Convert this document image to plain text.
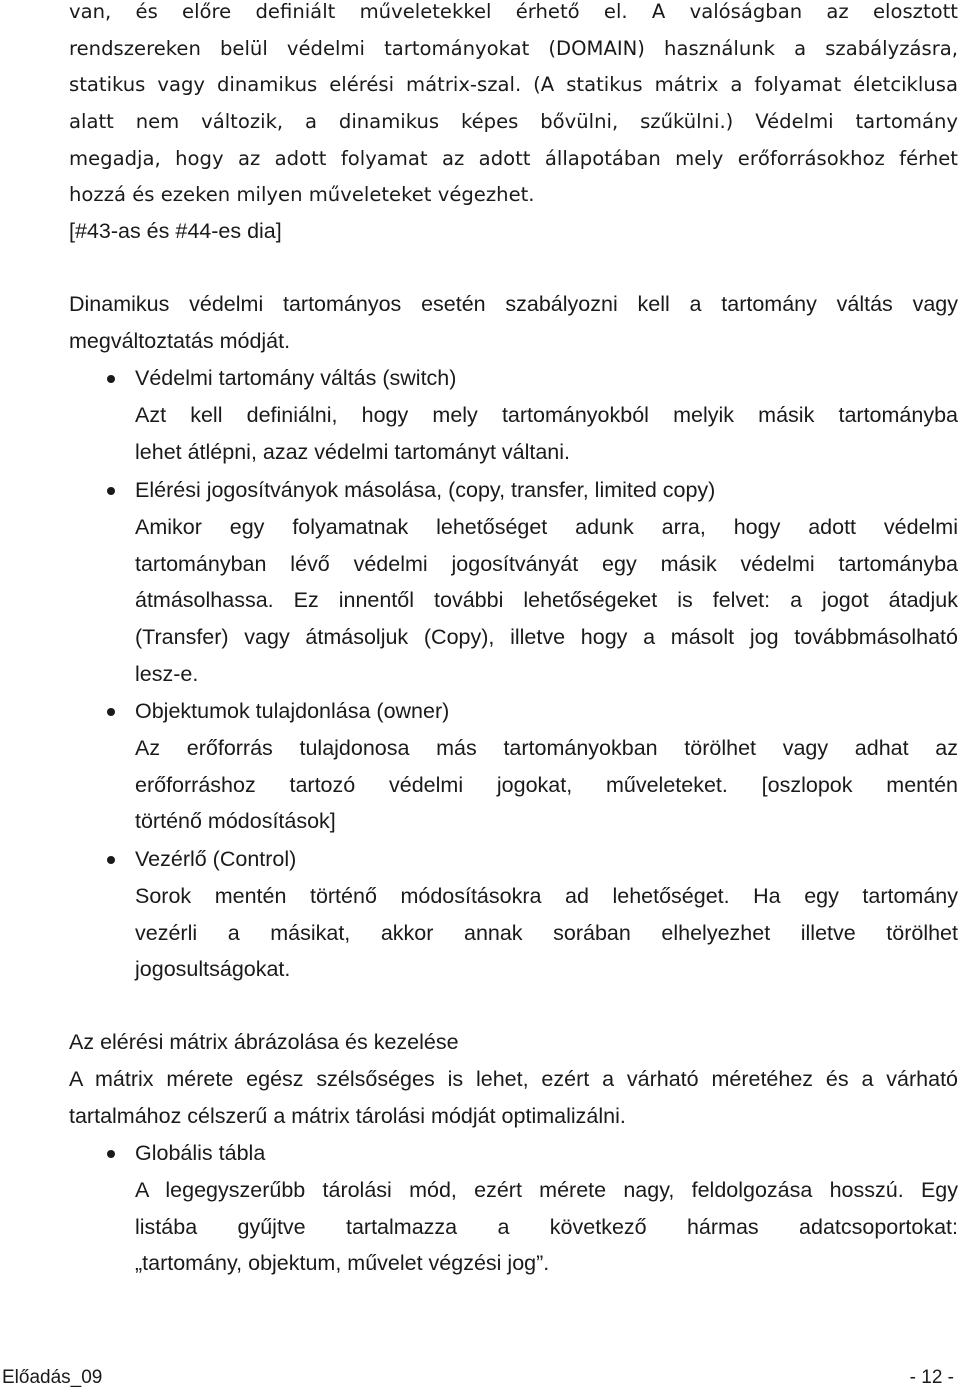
van, és előre definiált műveletekkel érhető el. A valóságban az elosztott
rendszereken belül védelmi tartományokat (DOMAIN) használunk a szabályzásra,
statikus vagy dinamikus elérési mátrix-szal. (A statikus mátrix a folyamat életciklusa
alatt nem változik, a dinamikus képes bővülni, szűkülni.) Védelmi tartomány
megadja, hogy az adott folyamat az adott állapotában mely erőforrásokhoz férhet
hozzá és ezeken milyen műveleteket végezhet.
[#43-as és #44-es dia]
Dinamikus védelmi tartományos esetén szabályozni kell a tartomány váltás vagy
megváltoztatás módját.
Védelmi tartomány váltás (switch)
Azt kell definiálni, hogy mely tartományokból melyik másik tartományba
lehet átlépni, azaz védelmi tartományt váltani.
Elérési jogosítványok másolása, (copy, transfer, limited copy)
Amikor egy folyamatnak lehetőséget adunk arra, hogy adott védelmi
tartományban lévő védelmi jogosítványát egy másik védelmi tartományba
átmásolhassa. Ez innentől további lehetőségeket is felvet: a jogot átadjuk
(Transfer) vagy átmásoljuk (Copy), illetve hogy a másolt jog továbbmásolható
lesz-e.
Objektumok tulajdonlása (owner)
Az erőforrás tulajdonosa más tartományokban törölhet vagy adhat az
erőforráshoz tartozó védelmi jogokat, műveleteket. [oszlopok mentén
történő módosítások]
Vezérlő (Control)
Sorok mentén történő módosításokra ad lehetőséget. Ha egy tartomány
vezérli a másikat, akkor annak sorában elhelyezhet illetve törölhet
jogosultságokat.
Az elérési mátrix ábrázolása és kezelése
A mátrix mérete egész szélsőséges is lehet, ezért a várható méretéhez és a várható
tartalmához célszerű a mátrix tárolási módját optimalizálni.
Globális tábla
A legegyszerűbb tárolási mód, ezért mérete nagy, feldolgozása hosszú. Egy
listába gyűjtve tartalmazza a következő hármas adatcsoportokat:
„tartomány, objektum, művelet végzési jog”.
Előadás_09	- 12 -
